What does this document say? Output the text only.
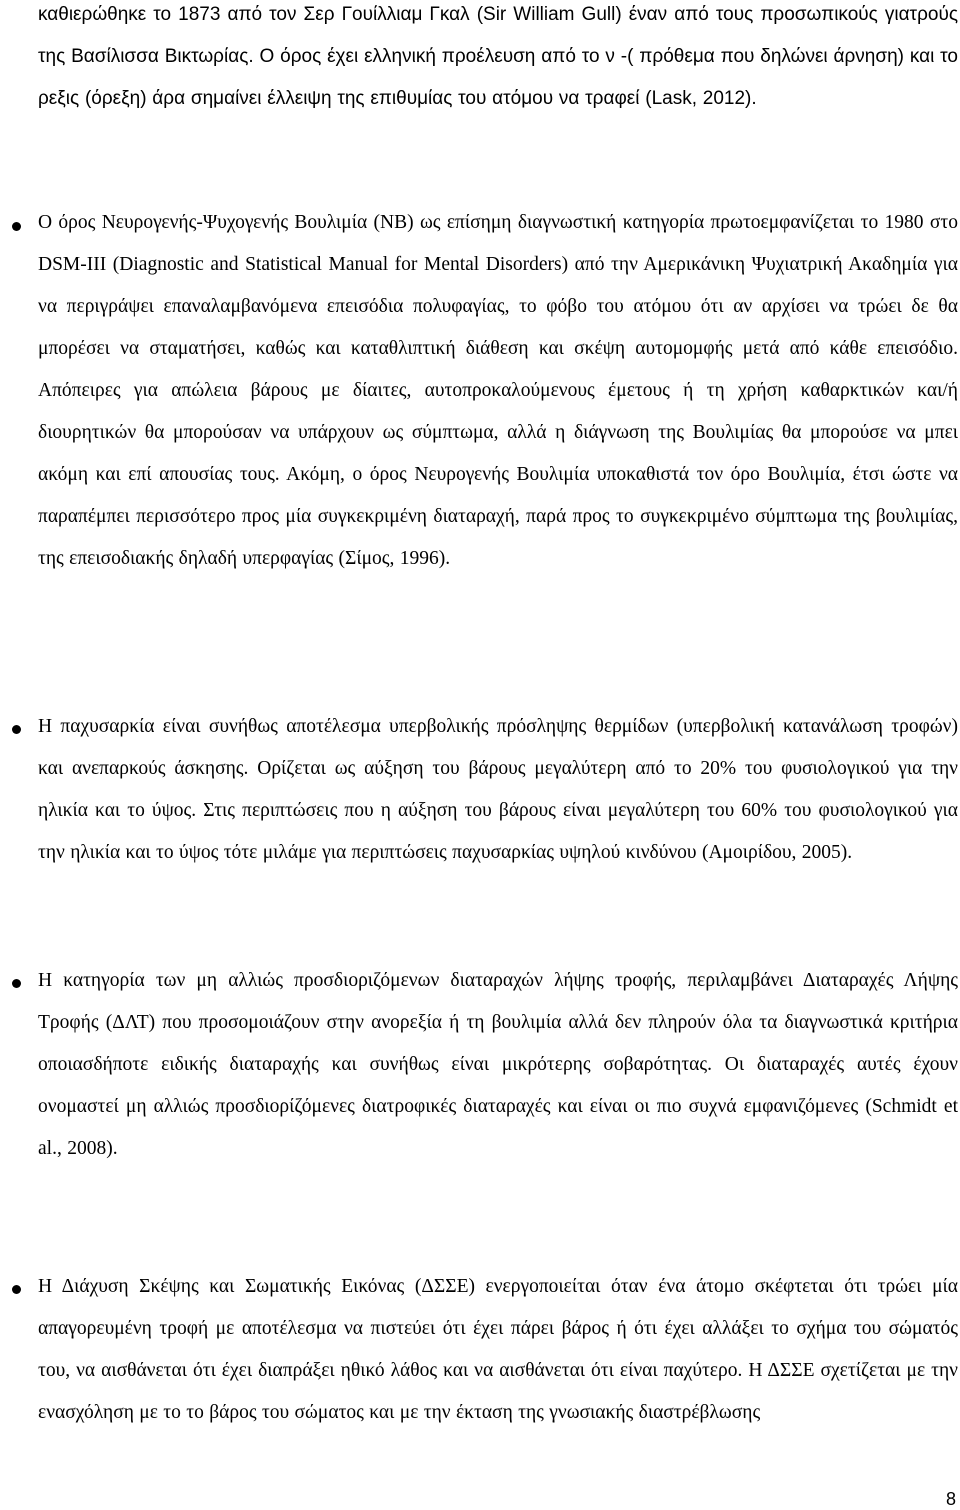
καθιερώθηκε το 1873 από τον Σερ Γουίλλιαμ Γκαλ (Sir William Gull) έναν από τους προσωπικούς γιατρούς της Βασίλισσα Βικτωρίας. Ο όρος έχει ελληνική προέλευση από το ν -( πρόθεμα που δηλώνει άρνηση) και το ρεξις (όρεξη) άρα σημαίνει έλλειψη της επιθυμίας του ατόμου να τραφεί (Lask, 2012).
Ο όρος Νευρογενής-Ψυχογενής Βουλιμία (ΝΒ) ως επίσημη διαγνωστική κατηγορία πρωτοεμφανίζεται το 1980 στο DSM-III (Diagnostic and Statistical Manual for Mental Disorders) από την Αμερικάνικη Ψυχιατρική Ακαδημία για να περιγράψει επαναλαμβανόμενα επεισόδια πολυφαγίας, το φόβο του ατόμου ότι αν αρχίσει να τρώει δε θα μπορέσει να σταματήσει, καθώς και καταθλιπτική διάθεση και σκέψη αυτομομφής μετά από κάθε επεισόδιο. Απόπειρες για απώλεια βάρους με δίαιτες, αυτοπροκαλούμενους έμετους ή τη χρήση καθαρκτικών και/ή διουρητικών θα μπορούσαν να υπάρχουν ως σύμπτωμα, αλλά η διάγνωση της Βουλιμίας θα μπορούσε να μπει ακόμη και επί απουσίας τους. Ακόμη, ο όρος Νευρογενής Βουλιμία υποκαθιστά τον όρο Βουλιμία, έτσι ώστε να παραπέμπει περισσότερο προς μία συγκεκριμένη διαταραχή, παρά προς το συγκεκριμένο σύμπτωμα της βουλιμίας, της επεισοδιακής δηλαδή υπερφαγίας (Σίμος, 1996).
Η παχυσαρκία είναι συνήθως αποτέλεσμα υπερβολικής πρόσληψης θερμίδων (υπερβολική κατανάλωση τροφών) και ανεπαρκούς άσκησης. Ορίζεται ως αύξηση του βάρους μεγαλύτερη από το 20% του φυσιολογικού για την ηλικία και το ύψος. Στις περιπτώσεις που η αύξηση του βάρους είναι μεγαλύτερη του 60% του φυσιολογικού για την ηλικία και το ύψος τότε μιλάμε για περιπτώσεις παχυσαρκίας υψηλού κινδύνου (Αμοιρίδου, 2005).
Η κατηγορία των μη αλλιώς προσδιοριζόμενων διαταραχών λήψης τροφής, περιλαμβάνει Διαταραχές Λήψης Τροφής (ΔΛΤ) που προσομοιάζουν στην ανορεξία ή τη βουλιμία αλλά δεν πληρούν όλα τα διαγνωστικά κριτήρια οποιασδήποτε ειδικής διαταραχής και συνήθως είναι μικρότερης σοβαρότητας. Οι διαταραχές αυτές έχουν ονομαστεί μη αλλιώς προσδιορίζόμενες διατροφικές διαταραχές και είναι οι πιο συχνά εμφανιζόμενες (Schmidt et al., 2008).
Η Διάχυση Σκέψης και Σωματικής Εικόνας (ΔΣΣΕ) ενεργοποιείται όταν ένα άτομο σκέφτεται ότι τρώει μία απαγορευμένη τροφή με αποτέλεσμα να πιστεύει ότι έχει πάρει βάρος ή ότι έχει αλλάξει το σχήμα του σώματός του, να αισθάνεται ότι έχει διαπράξει ηθικό λάθος και να αισθάνεται ότι είναι παχύτερο. Η ΔΣΣΕ σχετίζεται με την ενασχόληση με το το βάρος του σώματος και με την έκταση της γνωσιακής διαστρέβλωσης
8
